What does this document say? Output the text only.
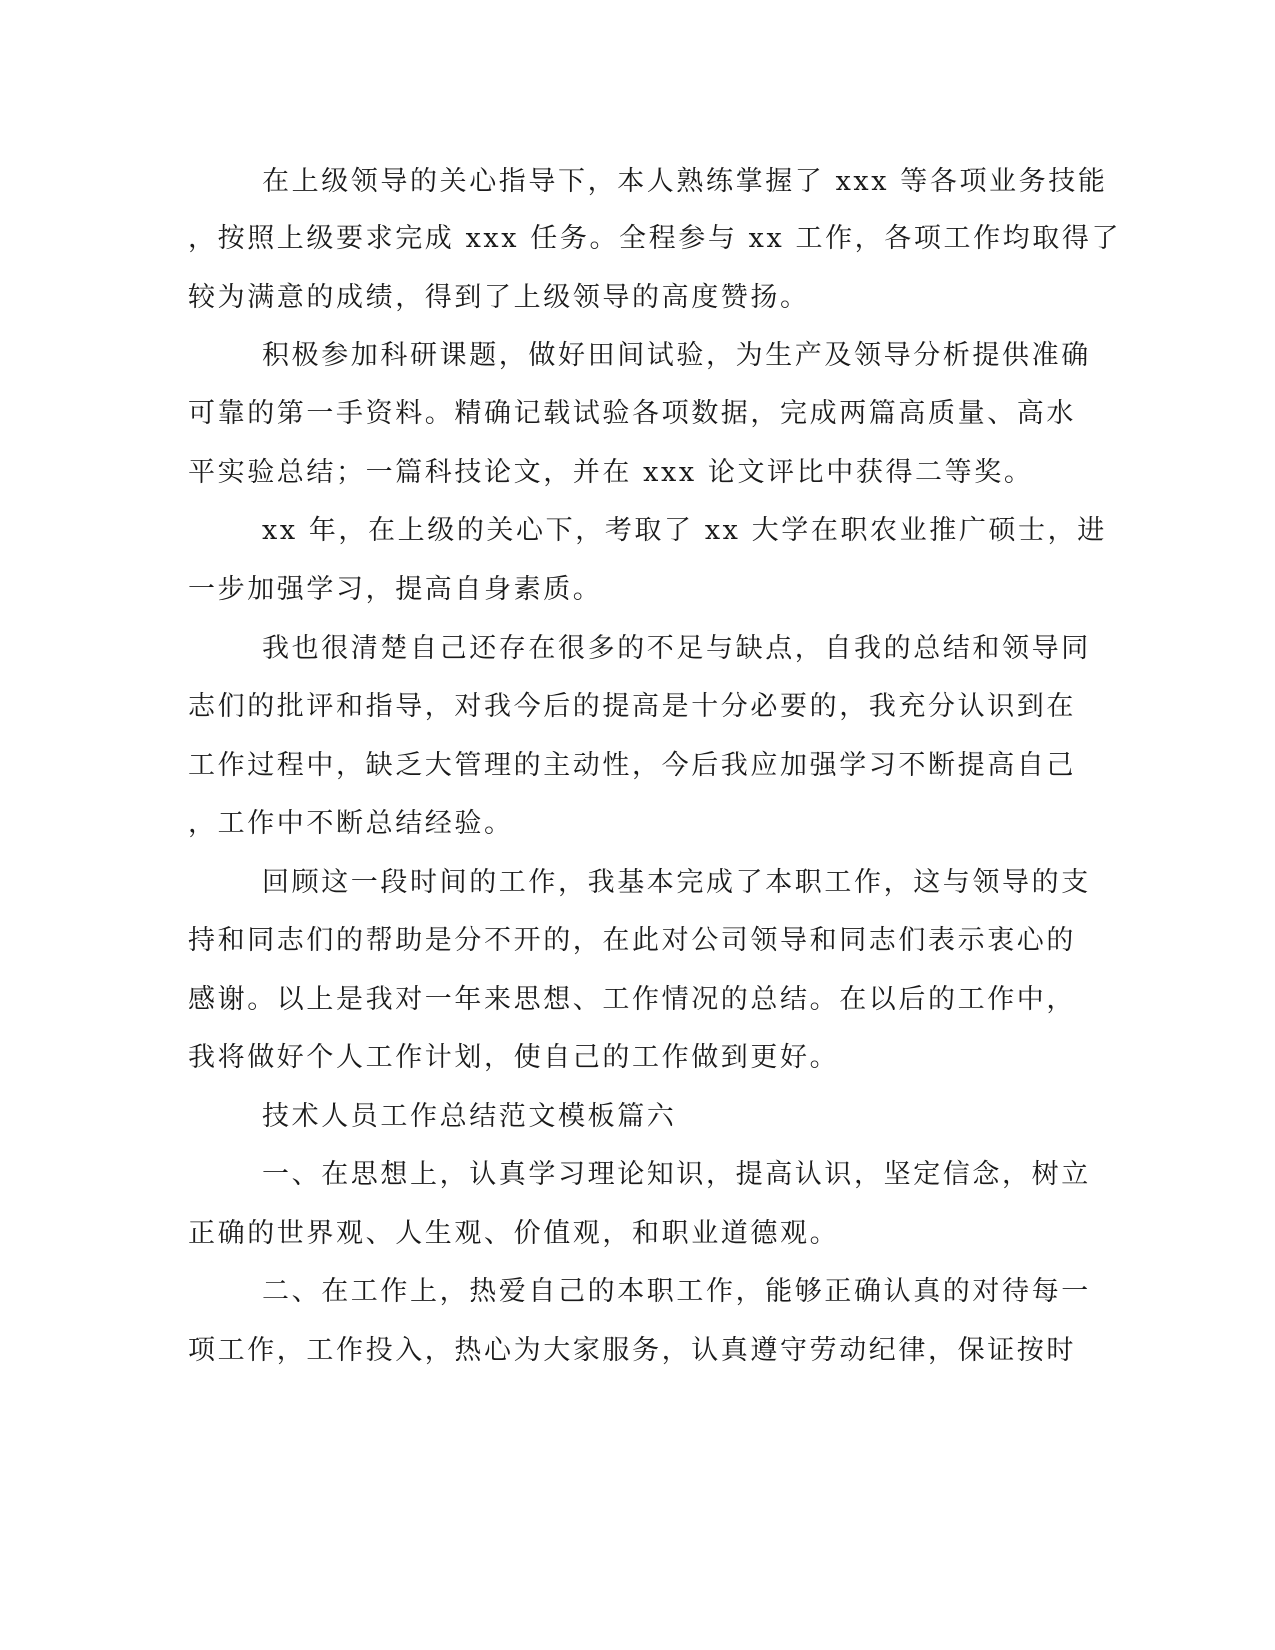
在上级领导的关心指导下，本人熟练掌握了 xxx 等各项业务技能
，按照上级要求完成 xxx 任务。全程参与 xx 工作，各项工作均取得了
较为满意的成绩，得到了上级领导的高度赞扬。
积极参加科研课题，做好田间试验，为生产及领导分析提供准确
可靠的第一手资料。精确记载试验各项数据，完成两篇高质量、高水
平实验总结；一篇科技论文，并在 xxx 论文评比中获得二等奖。
xx 年，在上级的关心下，考取了 xx 大学在职农业推广硕士，进
一步加强学习，提高自身素质。
我也很清楚自己还存在很多的不足与缺点，自我的总结和领导同
志们的批评和指导，对我今后的提高是十分必要的，我充分认识到在
工作过程中，缺乏大管理的主动性，今后我应加强学习不断提高自己
，工作中不断总结经验。
回顾这一段时间的工作，我基本完成了本职工作，这与领导的支
持和同志们的帮助是分不开的，在此对公司领导和同志们表示衷心的
感谢。以上是我对一年来思想、工作情况的总结。在以后的工作中，
我将做好个人工作计划，使自己的工作做到更好。
技术人员工作总结范文模板篇六
一、在思想上，认真学习理论知识，提高认识，坚定信念，树立
正确的世界观、人生观、价值观，和职业道德观。
二、在工作上，热爱自己的本职工作，能够正确认真的对待每一
项工作，工作投入，热心为大家服务，认真遵守劳动纪律，保证按时
